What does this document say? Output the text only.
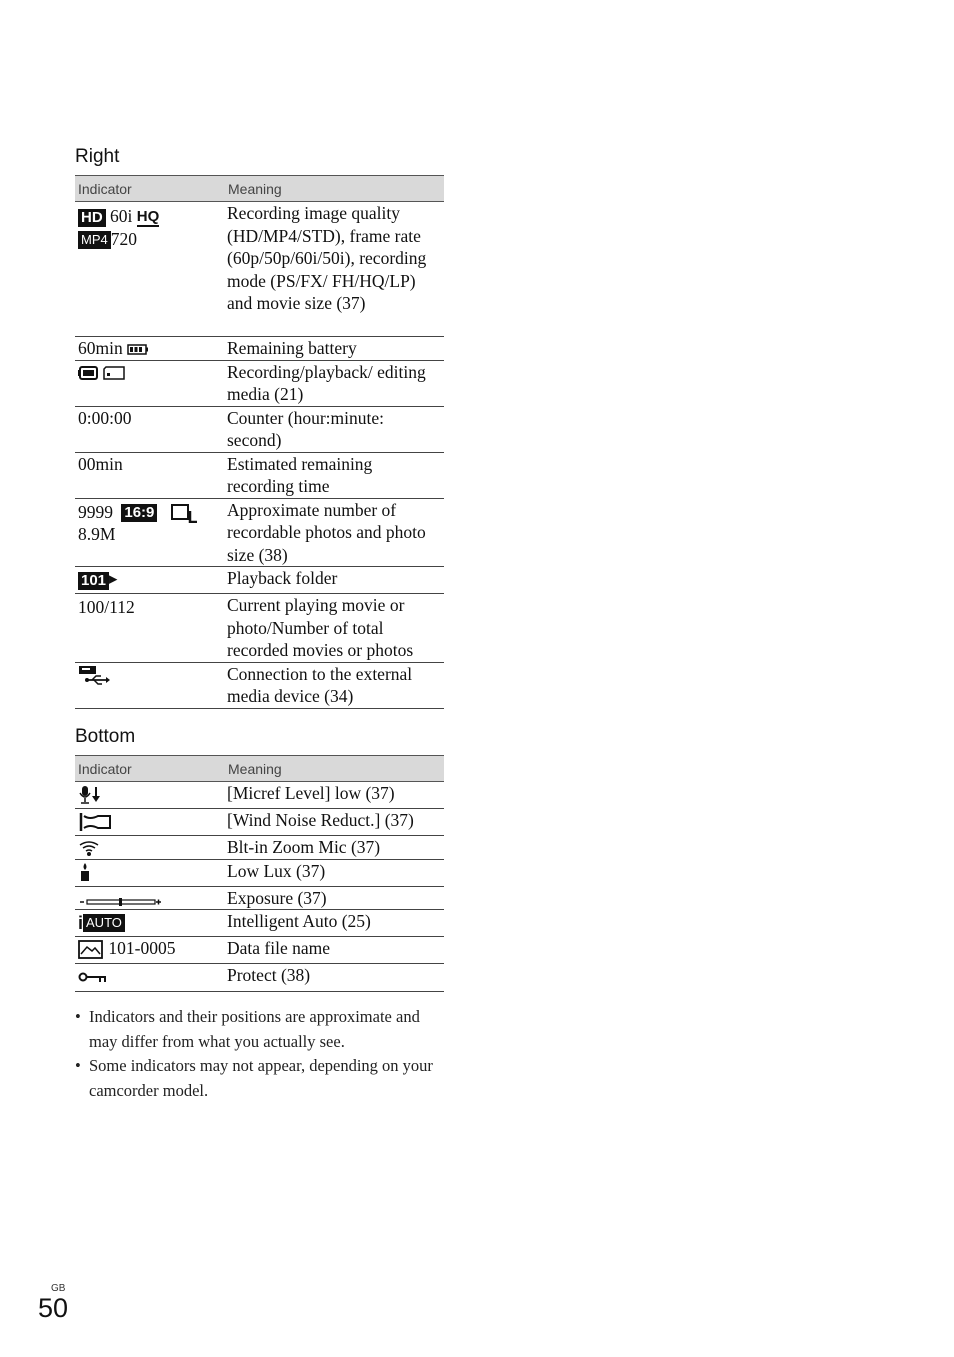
Right
Indicator	Meaning

HD 60i HQ
MP4 720	Recording image quality (HD/MP4/STD), frame rate (60p/50p/60i/50i), recording mode (PS/FX/ FH/HQ/LP) and movie size (37)
60min	Remaining battery
	Recording/playback/ editing media (21)
0:00:00	Counter (hour:minute: second)
00min	Estimated remaining recording time

9999 16:9
8.9M	Approximate number of recordable photos and photo size (38)
101 ▶	Playback folder

100/112	Current playing movie or photo/Number of total recorded movies or photos
	Connection to the external media device (34)
Bottom
Indicator	Meaning
	[Micref Level] low (37)
	[Wind Noise Reduct.] (37)
	Blt-in Zoom Mic (37)
	Low Lux (37)
	Exposure (37)
i AUTO	Intelligent Auto (25)
101-0005	Data file name
	Protect (38)
• Indicators and their positions are approximate and may differ from what you actually see.
• Some indicators may not appear, depending on your camcorder model.
GB
50
